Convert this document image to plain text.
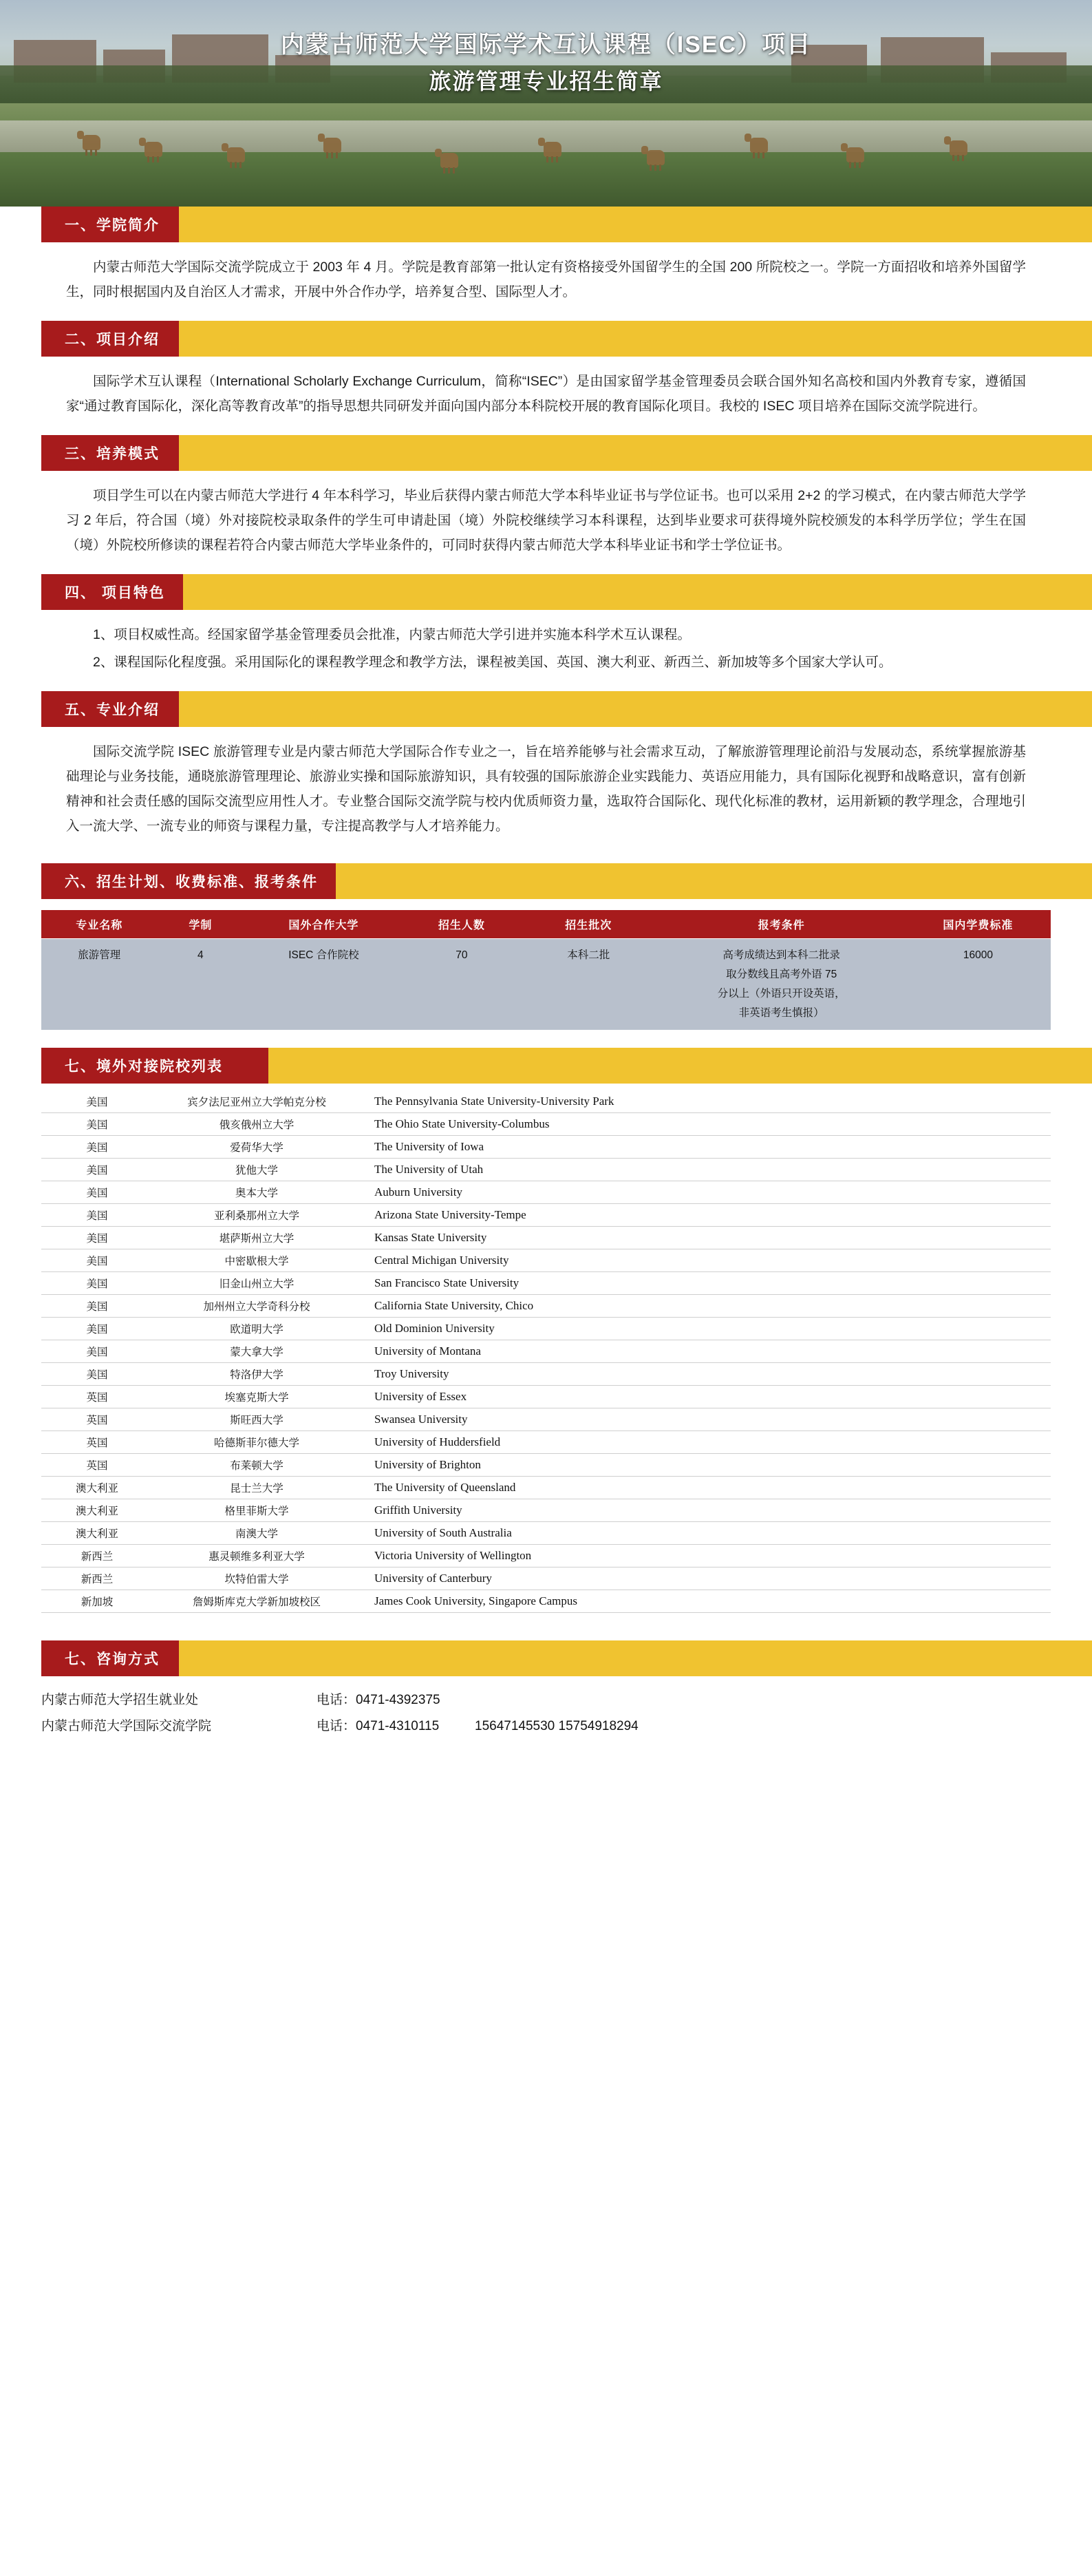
内蒙古师范大学国际学术互认课程（ISEC）项目
旅游管理专业招生简章
一、学院简介

内蒙古师范大学国际交流学院成立于 2003 年 4 月。学院是教育部第一批认定有资格接受外国留学生的全国 200 所院校之一。学院一方面招收和培养外国留学生，同时根据国内及自治区人才需求，开展中外合作办学，培养复合型、国际型人才。

二、项目介绍

国际学术互认课程（International Scholarly Exchange Curriculum，简称“ISEC”）是由国家留学基金管理委员会联合国外知名高校和国内外教育专家，遵循国家“通过教育国际化，深化高等教育改革”的指导思想共同研发并面向国内部分本科院校开展的教育国际化项目。我校的 ISEC 项目培养在国际交流学院进行。

三、培养模式

项目学生可以在内蒙古师范大学进行 4 年本科学习，毕业后获得内蒙古师范大学本科毕业证书与学位证书。也可以采用 2+2 的学习模式，在内蒙古师范大学学习 2 年后，符合国（境）外对接院校录取条件的学生可申请赴国（境）外院校继续学习本科课程，达到毕业要求可获得境外院校颁发的本科学历学位；学生在国（境）外院校所修读的课程若符合内蒙古师范大学毕业条件的，可同时获得内蒙古师范大学本科毕业证书和学士学位证书。

四、 项目特色

1、项目权威性高。经国家留学基金管理委员会批准，内蒙古师范大学引进并实施本科学术互认课程。

2、课程国际化程度强。采用国际化的课程教学理念和教学方法，课程被美国、英国、澳大利亚、新西兰、新加坡等多个国家大学认可。

五、专业介绍

国际交流学院 ISEC 旅游管理专业是内蒙古师范大学国际合作专业之一，旨在培养能够与社会需求互动，了解旅游管理理论前沿与发展动态，系统掌握旅游基础理论与业务技能，通晓旅游管理理论、旅游业实操和国际旅游知识，具有较强的国际旅游企业实践能力、英语应用能力，具有国际化视野和战略意识，富有创新精神和社会责任感的国际交流型应用性人才。专业整合国际交流学院与校内优质师资力量，选取符合国际化、现代化标准的教材，运用新颖的教学理念，合理地引入一流大学、一流专业的师资与课程力量，专注提高教学与人才培养能力。

六、招生计划、收费标准、报考条件
专业名称	学制	国外合作大学	招生人数	招生批次	报考条件	国内学费标准
旅游管理	4	ISEC 合作院校	70	本科二批	高考成绩达到本科二批录
取分数线且高考外语 75
分以上（外语只开设英语，
非英语考生慎报）	16000
七、境外对接院校列表
美国	宾夕法尼亚州立大学帕克分校	The Pennsylvania State University-University Park
美国	俄亥俄州立大学	The Ohio State University-Columbus
美国	爱荷华大学	The University of Iowa
美国	犹他大学	The University of Utah
美国	奥本大学	Auburn University
美国	亚利桑那州立大学	Arizona State University-Tempe
美国	堪萨斯州立大学	Kansas State University
美国	中密歇根大学	Central Michigan University
美国	旧金山州立大学	San Francisco State University
美国	加州州立大学奇科分校	California State University, Chico
美国	欧道明大学	Old Dominion University
美国	蒙大拿大学	University of Montana
美国	特洛伊大学	Troy University
英国	埃塞克斯大学	University of Essex
英国	斯旺西大学	Swansea University
英国	哈德斯菲尔德大学	University of Huddersfield
英国	布莱顿大学	University of Brighton
澳大利亚	昆士兰大学	The University of Queensland
澳大利亚	格里菲斯大学	Griffith University
澳大利亚	南澳大学	University of South Australia
新西兰	惠灵顿维多利亚大学	Victoria University of Wellington
新西兰	坎特伯雷大学	University of Canterbury
新加坡	詹姆斯库克大学新加坡校区	James Cook University, Singapore Campus
七、咨询方式
内蒙古师范大学招生就业处	电话：0471-4392375
内蒙古师范大学国际交流学院	电话：0471-4310115	15647145530 15754918294
